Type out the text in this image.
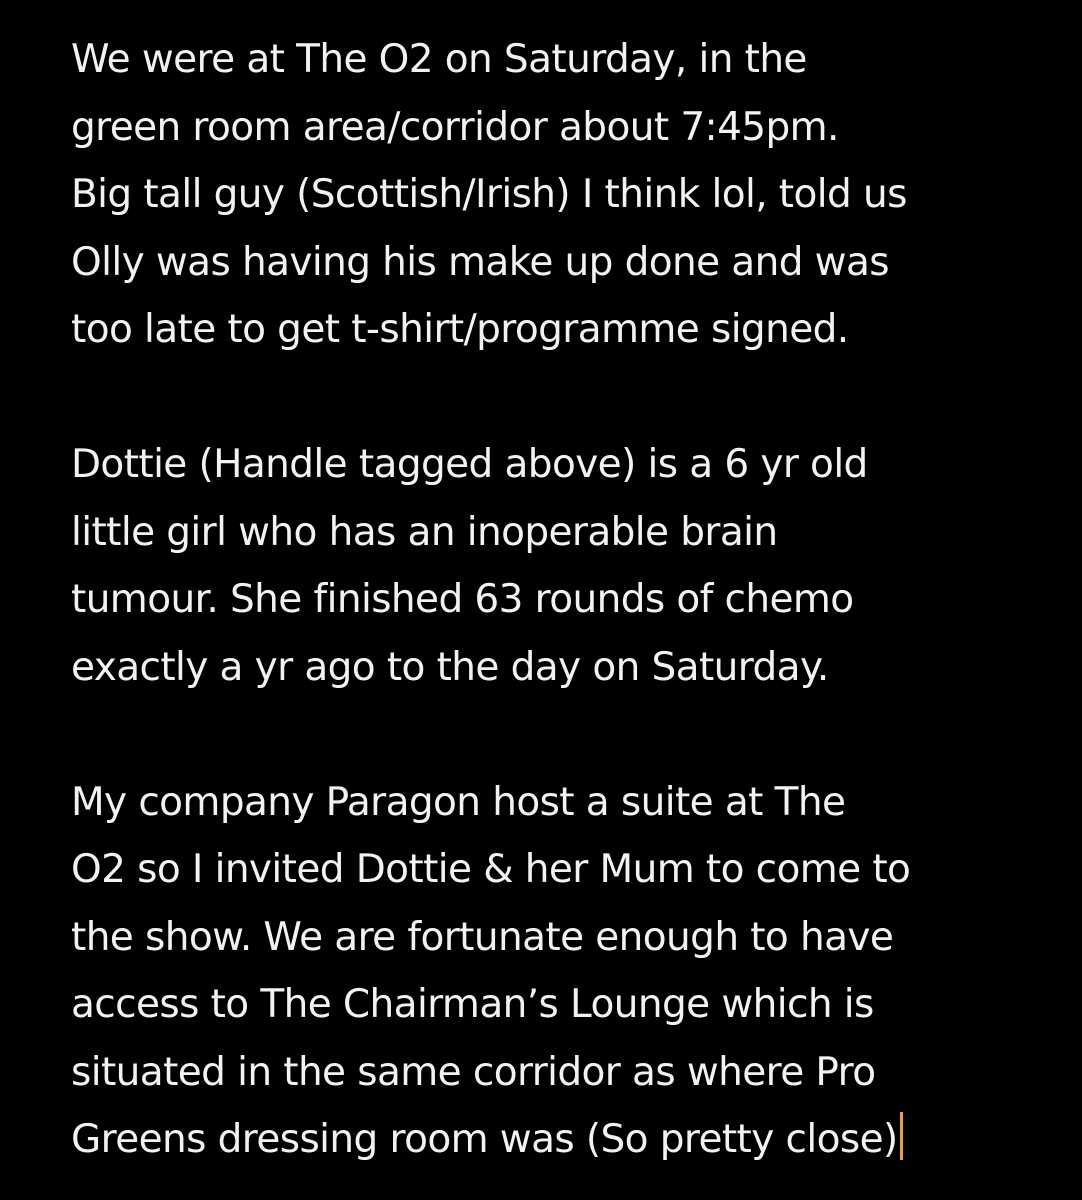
We were at The O2 on Saturday, in the
green room area/corridor about 7:45pm.
Big tall guy (Scottish/Irish) I think lol, told us
Olly was having his make up done and was
too late to get t-shirt/programme signed.
Dottie (Handle tagged above) is a 6 yr old
little girl who has an inoperable brain
tumour. She finished 63 rounds of chemo
exactly a yr ago to the day on Saturday.
My company Paragon host a suite at The
O2 so I invited Dottie & her Mum to come to
the show. We are fortunate enough to have
access to The Chairman’s Lounge which is
situated in the same corridor as where Pro
Greens dressing room was (So pretty close)
